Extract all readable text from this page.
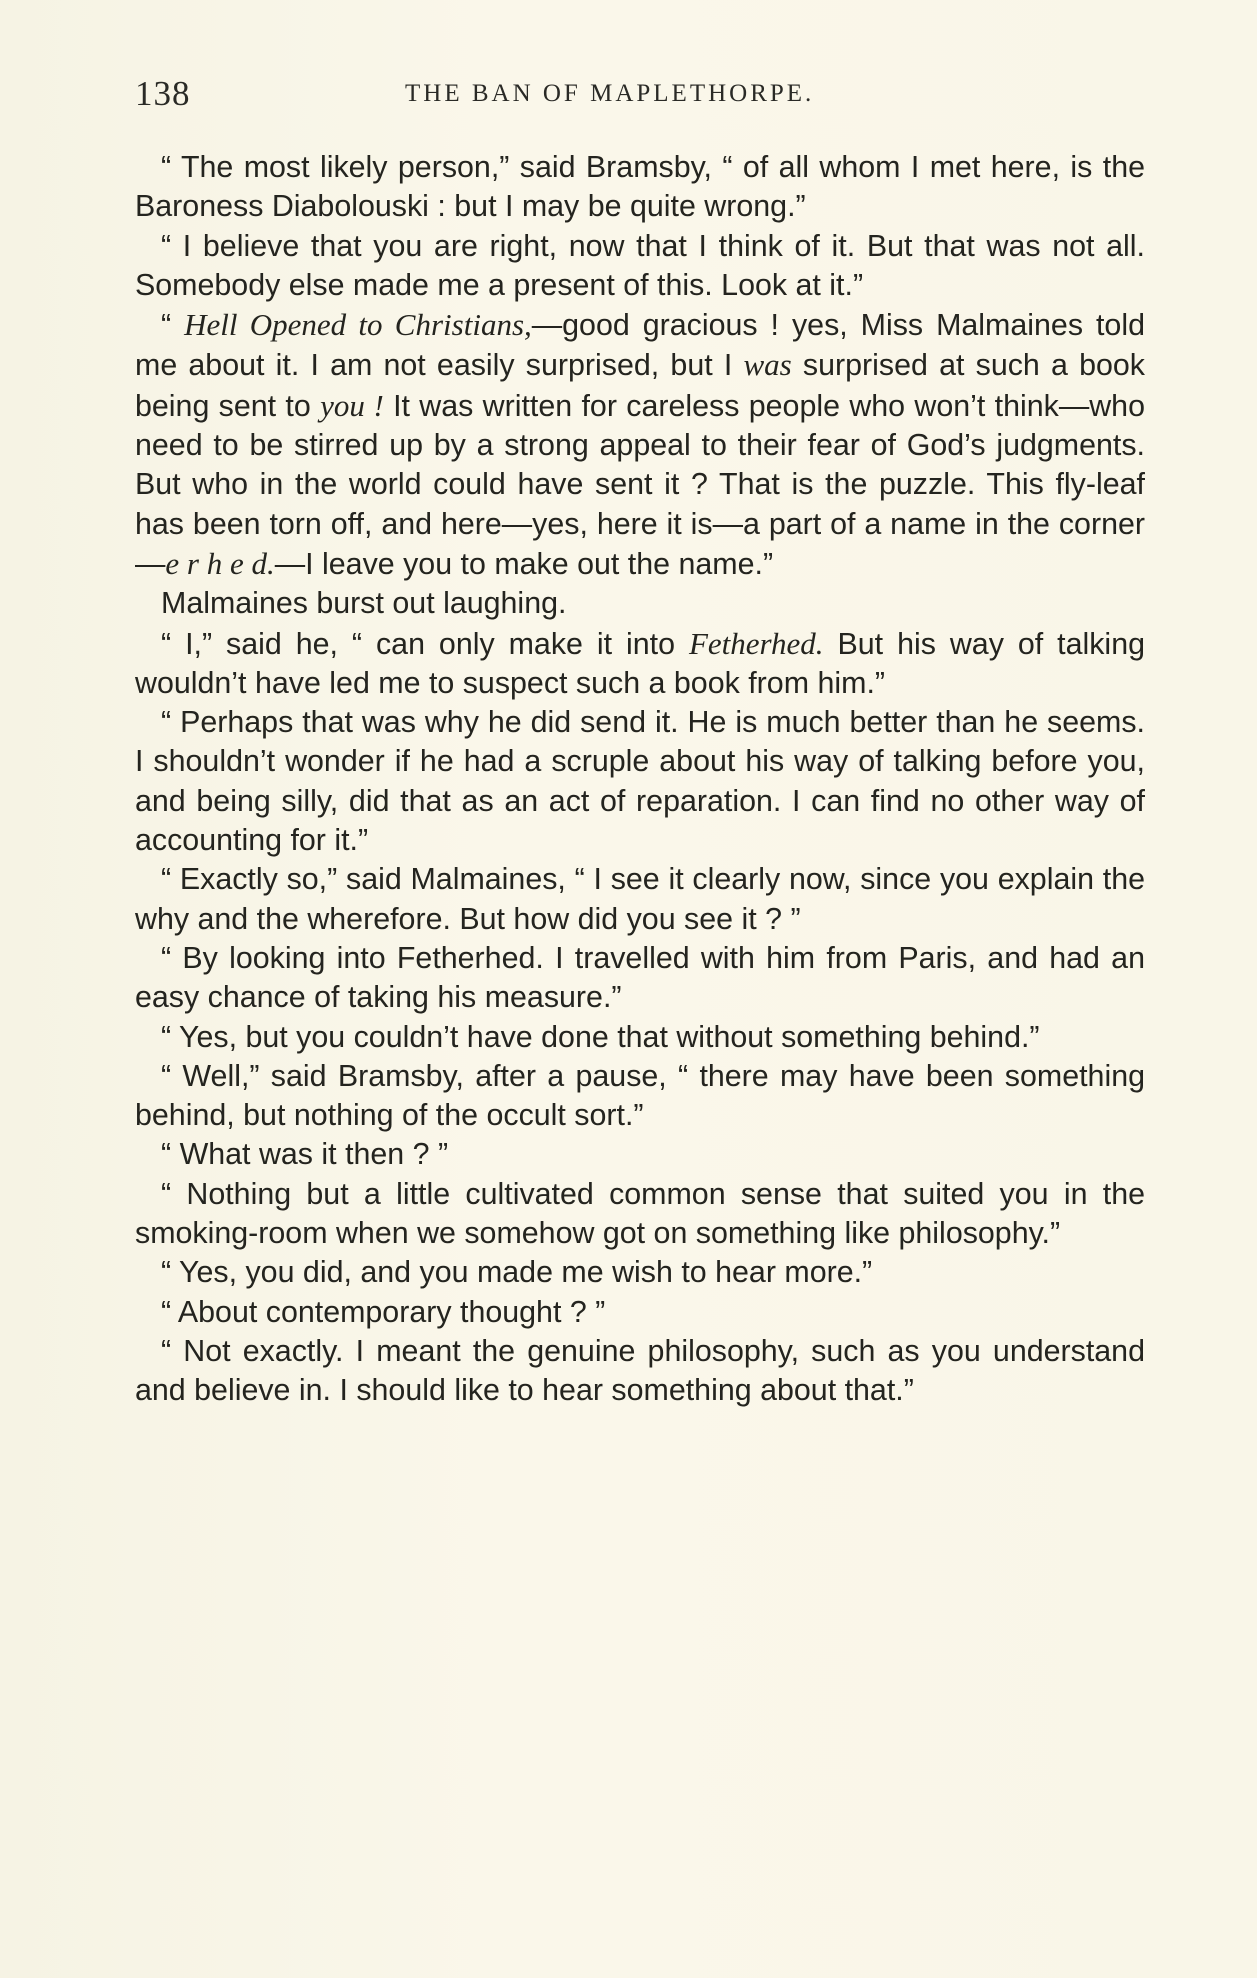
138	THE BAN OF MAPLETHORPE.

“ The most likely person,” said Bramsby, “ of all whom I met here, is the Baroness Diabolouski : but I may be quite wrong.”

“ I believe that you are right, now that I think of it. But that was not all. Somebody else made me a present of this. Look at it.”

“ Hell Opened to Christians,—good gracious ! yes, Miss Malmaines told me about it. I am not easily surprised, but I was surprised at such a book being sent to you ! It was written for careless people who won’t think—who need to be stirred up by a strong appeal to their fear of God’s judgments. But who in the world could have sent it ? That is the puzzle. This fly-leaf has been torn off, and here—yes, here it is—a part of a name in the corner—e r h e d.—I leave you to make out the name.”

Malmaines burst out laughing.

“ I,” said he, “ can only make it into Fetherhed. But his way of talking wouldn’t have led me to suspect such a book from him.”

“ Perhaps that was why he did send it. He is much better than he seems. I shouldn’t wonder if he had a scruple about his way of talking before you, and being silly, did that as an act of reparation. I can find no other way of accounting for it.”

“ Exactly so,” said Malmaines, “ I see it clearly now, since you explain the why and the wherefore. But how did you see it ? ”

“ By looking into Fetherhed. I travelled with him from Paris, and had an easy chance of taking his measure.”

“ Yes, but you couldn’t have done that without something behind.”

“ Well,” said Bramsby, after a pause, “ there may have been something behind, but nothing of the occult sort.”

“ What was it then ? ”

“ Nothing but a little cultivated common sense that suited you in the smoking-room when we somehow got on something like philosophy.”

“ Yes, you did, and you made me wish to hear more.”

“ About contemporary thought ? ”

“ Not exactly. I meant the genuine philosophy, such as you understand and believe in. I should like to hear something about that.”
